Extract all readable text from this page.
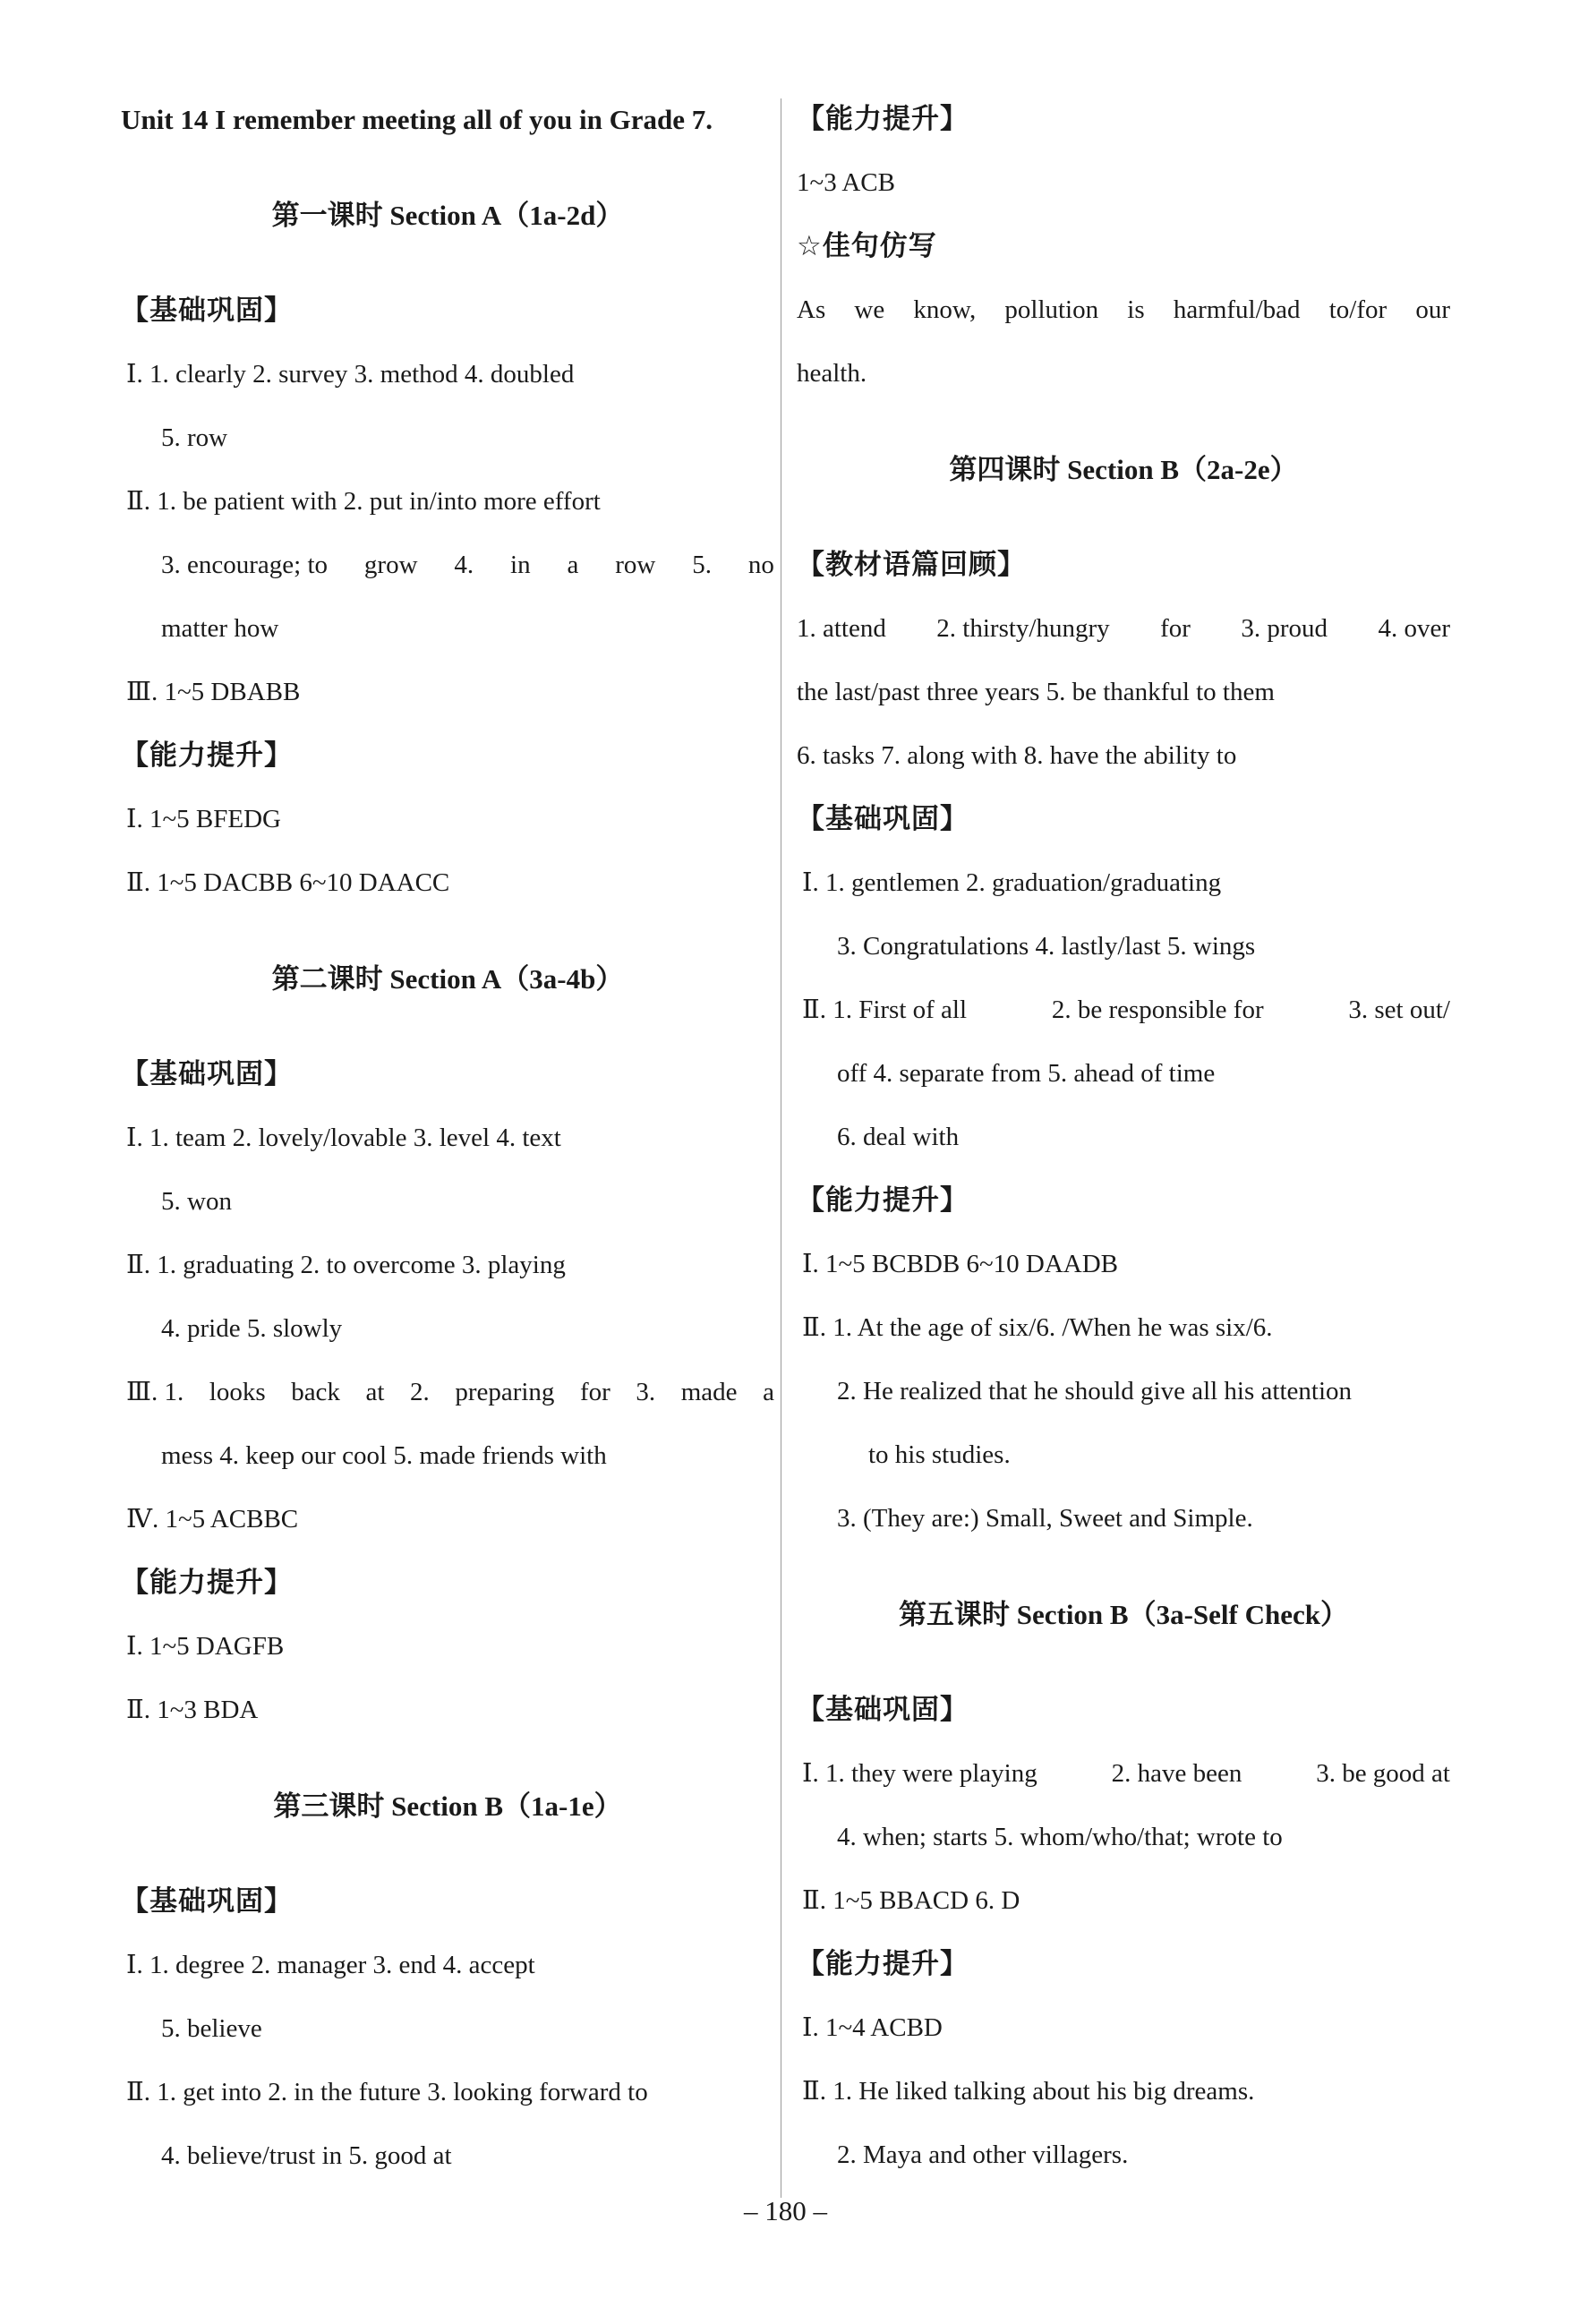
Unit 14 I remember meeting all of you in Grade 7.
第一课时 Section A（1a-2d）
【基础巩固】
Ⅰ. 1. clearly 2. survey 3. method 4. doubled
5. row
Ⅱ. 1. be patient with 2. put in/into more effort
3. encourage; to grow 4. in a row 5. no
matter how
Ⅲ. 1~5 DBABB
【能力提升】
Ⅰ. 1~5 BFEDG
Ⅱ. 1~5 DACBB 6~10 DAACC
第二课时 Section A（3a-4b）
【基础巩固】
Ⅰ. 1. team 2. lovely/lovable 3. level 4. text
5. won
Ⅱ. 1. graduating 2. to overcome 3. playing
4. pride 5. slowly
Ⅲ. 1. looks back at 2. preparing for 3. made a
mess 4. keep our cool 5. made friends with
Ⅳ. 1~5 ACBBC
【能力提升】
Ⅰ. 1~5 DAGFB
Ⅱ. 1~3 BDA
第三课时 Section B（1a-1e）
【基础巩固】
Ⅰ. 1. degree 2. manager 3. end 4. accept
5. believe
Ⅱ. 1. get into 2. in the future 3. looking forward to
4. believe/trust in 5. good at
【能力提升】
1~3 ACB
☆佳句仿写
As we know, pollution is harmful/bad to/for our
health.
第四课时 Section B（2a-2e）
【教材语篇回顾】
1. attend 2. thirsty/hungry for 3. proud 4. over
the last/past three years 5. be thankful to them
6. tasks 7. along with 8. have the ability to
【基础巩固】
Ⅰ. 1. gentlemen 2. graduation/graduating
3. Congratulations 4. lastly/last 5. wings
Ⅱ. 1. First of all	2. be responsible for	3. set out/
off 4. separate from 5. ahead of time
6. deal with
【能力提升】
Ⅰ. 1~5 BCBDB 6~10 DAADB
Ⅱ. 1. At the age of six/6. /When he was six/6.
2. He realized that he should give all his attention
to his studies.
3. (They are:) Small, Sweet and Simple.
第五课时 Section B（3a-Self Check）
【基础巩固】
Ⅰ. 1. they were playing	2. have been	3. be good at
4. when; starts 5. whom/who/that; wrote to
Ⅱ. 1~5 BBACD 6. D
【能力提升】
Ⅰ. 1~4 ACBD
Ⅱ. 1. He liked talking about his big dreams.
2. Maya and other villagers.
– 180 –
